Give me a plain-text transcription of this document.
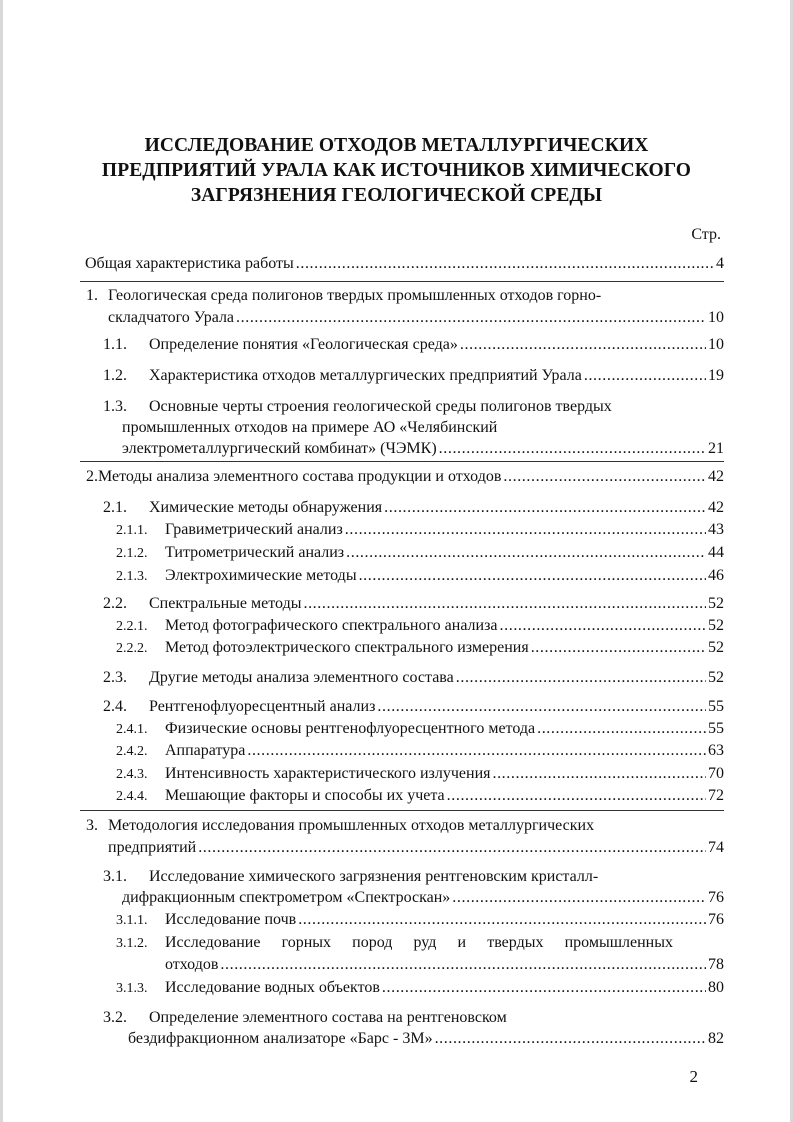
ИССЛЕДОВАНИЕ ОТХОДОВ МЕТАЛЛУРГИЧЕСКИХ
ПРЕДПРИЯТИЙ УРАЛА КАК ИСТОЧНИКОВ ХИМИЧЕСКОГО
ЗАГРЯЗНЕНИЯ ГЕОЛОГИЧЕСКОЙ СРЕДЫ
Стр.
Общая характеристика работы .....	4
1. Геологическая среда полигонов твердых промышленных отходов горно-
складчатого Урала .....	10
1.1.	Определение понятия «Геологическая среда» .....	10
1.2.	Характеристика отходов металлургических предприятий Урала .....	19
1.3.	Основные черты строения геологической среды полигонов твердых
промышленных отходов на примере АО «Челябинский
электрометаллургический комбинат» (ЧЭМК) .....	21
2. Методы анализа элементного состава продукции и отходов .....	42
2.1.	Химические методы обнаружения .....	42
2.1.1.	Гравиметрический анализ .....	43
2.1.2.	Титрометрический анализ .....	44
2.1.3.	Электрохимические методы .....	46
2.2.	Спектральные методы .....	52
2.2.1.	Метод фотографического спектрального анализа .....	52
2.2.2.	Метод фотоэлектрического спектрального измерения .....	52
2.3.	Другие методы анализа элементного состава .....	52
2.4.	Рентгенофлуоресцентный анализ .....	55
2.4.1.	Физические основы рентгенофлуоресцентного метода .....	55
2.4.2.	Аппаратура .....	63
2.4.3.	Интенсивность характеристического излучения .....	70
2.4.4.	Мешающие факторы и способы их учета .....	72
3. Методология исследования промышленных отходов металлургических
предприятий .....	74
3.1.	Исследование химического загрязнения рентгеновским кристалл-
дифракционным спектрометром «Спектроскан» .....	76
3.1.1.	Исследование почв .....	76
3.1.2.	Исследование горных пород руд и твердых промышленных
отходов .....	78
3.1.3.	Исследование водных объектов .....	80
3.2.	Определение элементного состава на рентгеновском
бездифракционном анализаторе «Барс - 3М» .....	82
2
